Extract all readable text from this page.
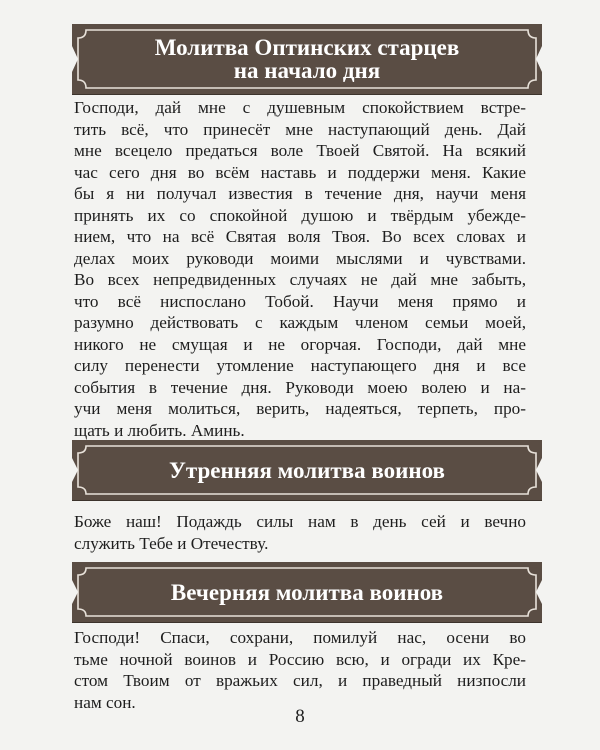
Молитва Оптинских старцев
на начало дня
Господи, дай мне с душевным спокойствием встре-
тить всё, что принесёт мне наступающий день. Дай
мне всецело предаться воле Твоей Святой. На всякий
час сего дня во всём наставь и поддержи меня. Какие
бы я ни получал известия в течение дня, научи меня
принять их со спокойной душою и твёрдым убежде-
нием, что на всё Святая воля Твоя. Во всех словах и
делах моих руководи моими мыслями и чувствами.
Во всех непредвиденных случаях не дай мне забыть,
что всё ниспослано Тобой. Научи меня прямо и
разумно действовать с каждым членом семьи моей,
никого не смущая и не огорчая. Господи, дай мне
силу перенести утомление наступающего дня и все
события в течение дня. Руководи моею волею и на-
учи меня молиться, верить, надеяться, терпеть, про-
щать и любить. Аминь.
Утренняя молитва воинов
Боже наш! Подаждь силы нам в день сей и вечно
служить Тебе и Отечеству.
Вечерняя молитва воинов
Господи! Спаси, сохрани, помилуй нас, осени во
тьме ночной воинов и Россию всю, и огради их Кре-
стом Твоим от вражьих сил, и праведный низпосли
нам сон.
8
